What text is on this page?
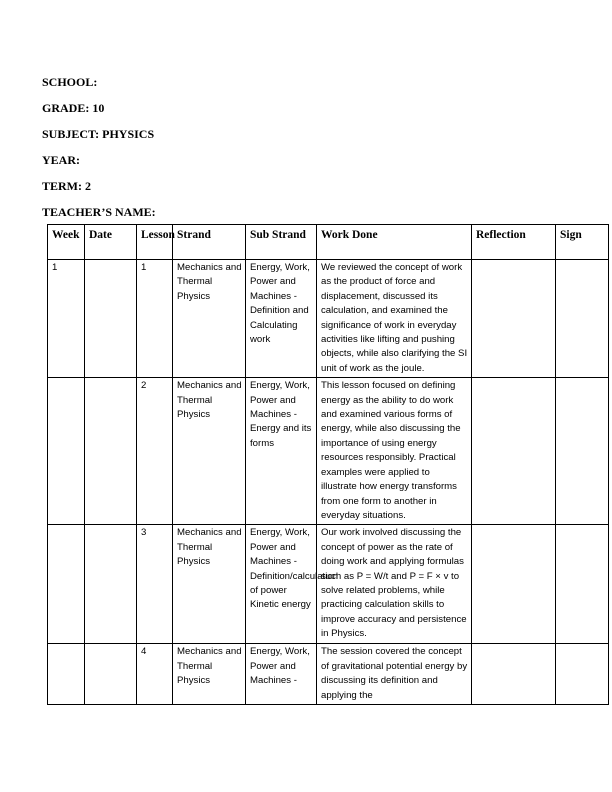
SCHOOL:
GRADE: 10
SUBJECT: PHYSICS
YEAR:
TERM: 2
TEACHER’S NAME:
Week	Date	Lesson	Strand	Sub Strand	Work Done	Reflection	Sign
1		1	Mechanics and Thermal Physics	Energy, Work, Power and Machines - Definition and Calculating work	We reviewed the concept of work as the product of force and displacement, discussed its calculation, and examined the significance of work in everyday activities like lifting and pushing objects, while also clarifying the SI unit of work as the joule.		
		2	Mechanics and Thermal Physics	Energy, Work, Power and Machines - Energy and its forms	This lesson focused on defining energy as the ability to do work and examined various forms of energy, while also discussing the importance of using energy resources responsibly. Practical examples were applied to illustrate how energy transforms from one form to another in everyday situations.		
		3	Mechanics and Thermal Physics	Energy, Work, Power and Machines - Definition/calculation of power Kinetic energy	Our work involved discussing the concept of power as the rate of doing work and applying formulas such as P = W/t and P = F × v to solve related problems, while practicing calculation skills to improve accuracy and persistence in Physics.		
		4	Mechanics and Thermal Physics	Energy, Work, Power and Machines -	The session covered the concept of gravitational potential energy by discussing its definition and applying the		
